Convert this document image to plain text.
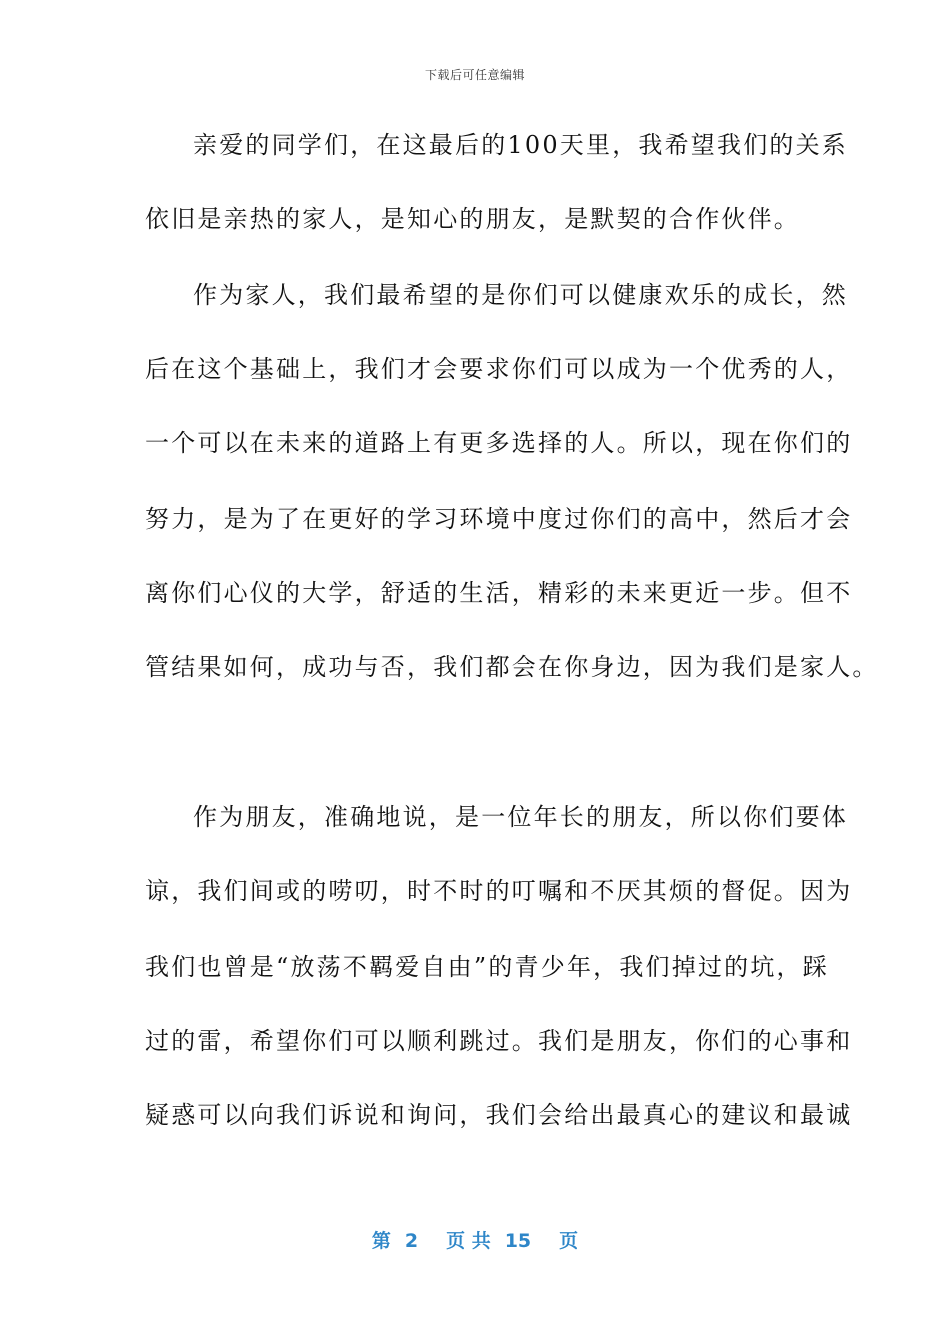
下载后可任意编辑
亲爱的同学们，在这最后的100天里，我希望我们的关系
依旧是亲热的家人，是知心的朋友，是默契的合作伙伴。
作为家人，我们最希望的是你们可以健康欢乐的成长，然
后在这个基础上，我们才会要求你们可以成为一个优秀的人，
一个可以在未来的道路上有更多选择的人。所以，现在你们的
努力，是为了在更好的学习环境中度过你们的高中，然后才会
离你们心仪的大学，舒适的生活，精彩的未来更近一步。但不
管结果如何，成功与否，我们都会在你身边，因为我们是家人。
作为朋友，准确地说，是一位年长的朋友，所以你们要体
谅，我们间或的唠叨，时不时的叮嘱和不厌其烦的督促。因为
我们也曾是“放荡不羁爱自由”的青少年，我们掉过的坑，踩
过的雷，希望你们可以顺利跳过。我们是朋友，你们的心事和
疑惑可以向我们诉说和询问，我们会给出最真心的建议和最诚
第 2 页 共 15 页
